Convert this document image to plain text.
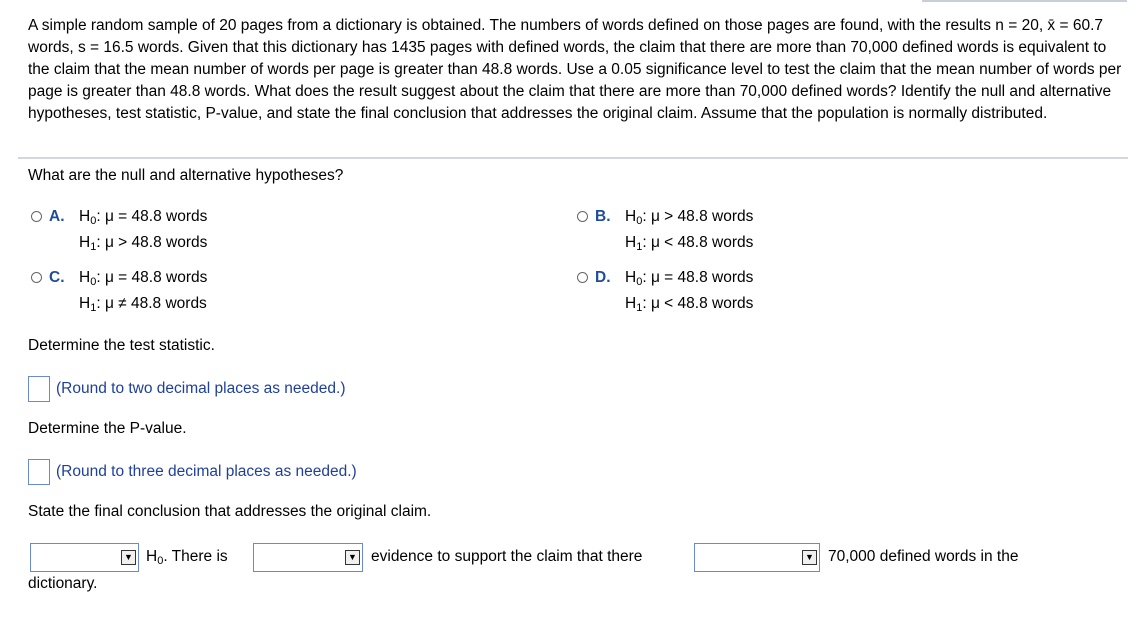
A simple random sample of 20 pages from a dictionary is obtained. The numbers of words defined on those pages are found, with the results n = 20, x̄ = 60.7 words, s = 16.5 words. Given that this dictionary has 1435 pages with defined words, the claim that there are more than 70,000 defined words is equivalent to the claim that the mean number of words per page is greater than 48.8 words. Use a 0.05 significance level to test the claim that the mean number of words per page is greater than 48.8 words. What does the result suggest about the claim that there are more than 70,000 defined words? Identify the null and alternative hypotheses, test statistic, P-value, and state the final conclusion that addresses the original claim. Assume that the population is normally distributed.
What are the null and alternative hypotheses?
A. $H_0$: μ = 48.8 words
$H_1$: μ > 48.8 words
B. $H_0$: μ > 48.8 words
$H_1$: μ < 48.8 words
C. $H_0$: μ = 48.8 words
$H_1$: μ ≠ 48.8 words
D. $H_0$: μ = 48.8 words
$H_1$: μ < 48.8 words
Determine the test statistic.
(Round to two decimal places as needed.)
Determine the P-value.
(Round to three decimal places as needed.)
State the final conclusion that addresses the original claim.
▼ $H_0$. There is	▼ evidence to support the claim that there	▼ 70,000 defined words in the
dictionary.
